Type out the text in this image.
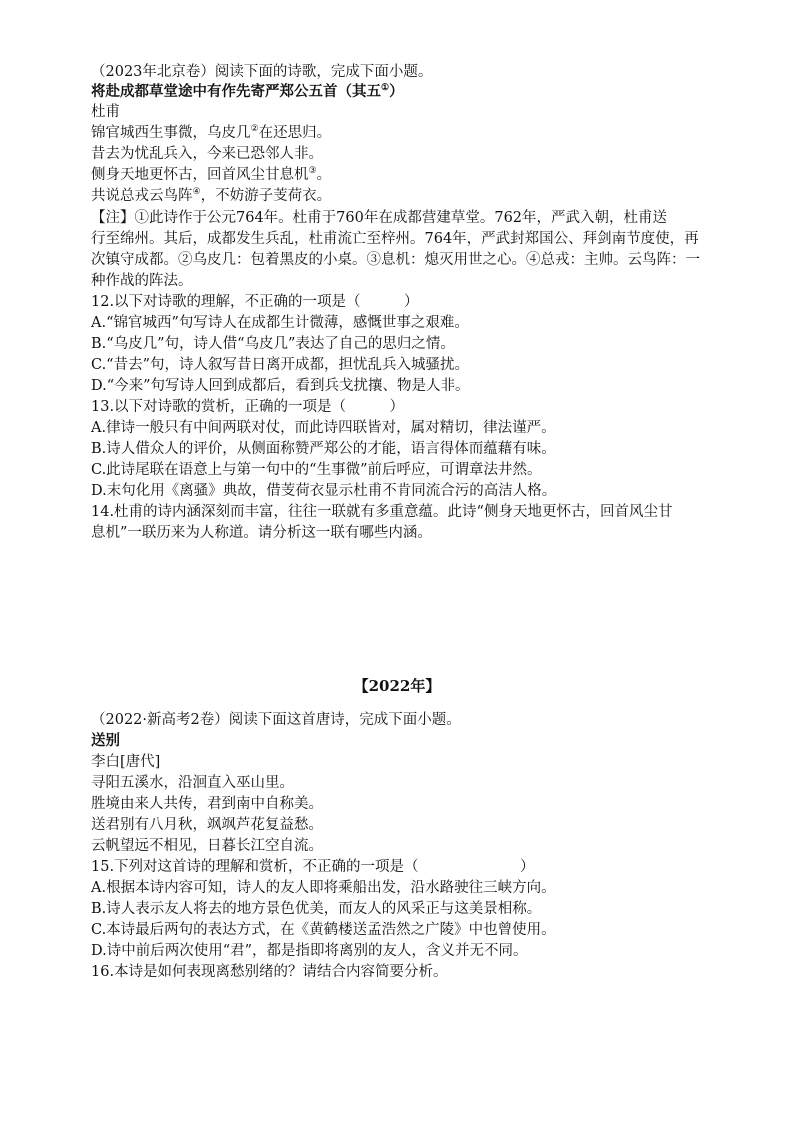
（2023年北京卷）阅读下面的诗歌，完成下面小题。
将赴成都草堂途中有作先寄严郑公五首（其五①）
杜甫
锦官城西生事微，乌皮几②在还思归。
昔去为忧乱兵入，今来已恐邻人非。
侧身天地更怀古，回首风尘甘息机③。
共说总戎云鸟阵④，不妨游子芰荷衣。
【注】①此诗作于公元764年。杜甫于760年在成都营建草堂。762年，严武入朝，杜甫送
行至绵州。其后，成都发生兵乱，杜甫流亡至梓州。764年，严武封郑国公、拜剑南节度使，再
次镇守成都。②乌皮几：包着黑皮的小桌。③息机：熄灭用世之心。④总戎：主帅。云鸟阵：一
种作战的阵法。
12.以下对诗歌的理解，不正确的一项是（　　　）
A.“锦官城西”句写诗人在成都生计微薄，感慨世事之艰难。
B.“乌皮几”句，诗人借“乌皮几”表达了自己的思归之情。
C.“昔去”句，诗人叙写昔日离开成都，担忧乱兵入城骚扰。
D.“今来”句写诗人回到成都后，看到兵戈扰攘、物是人非。
13.以下对诗歌的赏析，正确的一项是（　　　）
A.律诗一般只有中间两联对仗，而此诗四联皆对，属对精切，律法谨严。
B.诗人借众人的评价，从侧面称赞严郑公的才能，语言得体而蕴藉有味。
C.此诗尾联在语意上与第一句中的“生事微”前后呼应，可谓章法井然。
D.末句化用《离骚》典故，借芰荷衣显示杜甫不肯同流合污的高洁人格。
14.杜甫的诗内涵深刻而丰富，往往一联就有多重意蕴。此诗“侧身天地更怀古，回首风尘甘
息机”一联历来为人称道。请分析这一联有哪些内涵。
【2022年】
（2022·新高考2卷）阅读下面这首唐诗，完成下面小题。
送别
李白[唐代]
寻阳五溪水，沿洄直入巫山里。
胜境由来人共传，君到南中自称美。
送君别有八月秋，飒飒芦花复益愁。
云帆望远不相见，日暮长江空自流。
15.下列对这首诗的理解和赏析，不正确的一项是（　　　　　　　）
A.根据本诗内容可知，诗人的友人即将乘船出发，沿水路驶往三峡方向。
B.诗人表示友人将去的地方景色优美，而友人的风采正与这美景相称。
C.本诗最后两句的表达方式，在《黄鹤楼送孟浩然之广陵》中也曾使用。
D.诗中前后两次使用“君”，都是指即将离别的友人，含义并无不同。
16.本诗是如何表现离愁别绪的？请结合内容简要分析。
